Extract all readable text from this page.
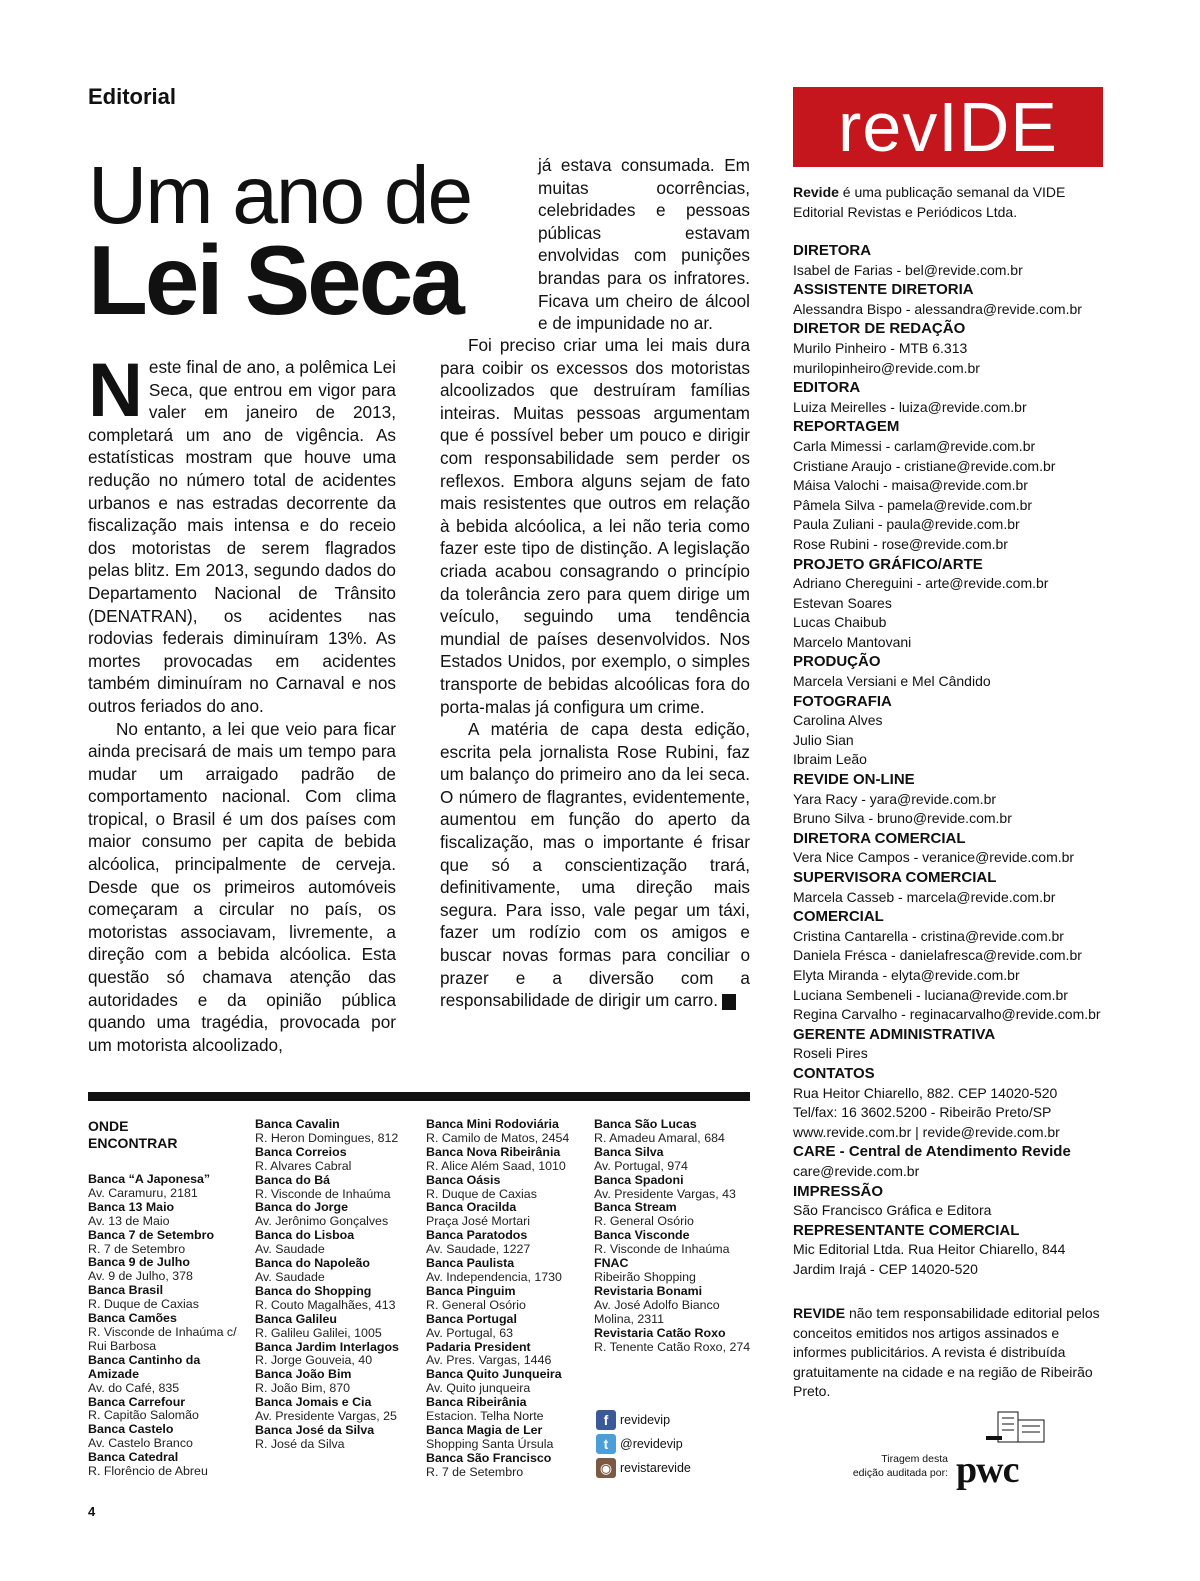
Editorial
Um ano de
Lei Seca

já estava consumada. Em muitas ocorrências, celebridades e pessoas públicas estavam envolvidas com punições brandas para os infratores. Ficava um cheiro de álcool e de impunidade no ar.

Neste final de ano, a polêmica Lei Seca, que entrou em vigor para valer em janeiro de 2013, completará um ano de vigência. As estatísticas mostram que houve uma redução no número total de acidentes urbanos e nas estradas decorrente da fiscalização mais intensa e do receio dos motoristas de serem flagrados pelas blitz. Em 2013, segundo dados do Departamento Nacional de Trânsito (DENATRAN), os acidentes nas rodovias federais diminuíram 13%. As mortes provocadas em acidentes também diminuíram no Carnaval e nos outros feriados do ano.

No entanto, a lei que veio para ficar ainda precisará de mais um tempo para mudar um arraigado padrão de comportamento nacional. Com clima tropical, o Brasil é um dos países com maior consumo per capita de bebida alcóolica, principalmente de cerveja. Desde que os primeiros automóveis começaram a circular no país, os motoristas associavam, livremente, a direção com a bebida alcóolica. Esta questão só chamava atenção das autoridades e da opinião pública quando uma tragédia, provocada por um motorista alcoolizado,

Foi preciso criar uma lei mais dura para coibir os excessos dos motoristas alcoolizados que destruíram famílias inteiras. Muitas pessoas argumentam que é possível beber um pouco e dirigir com responsabilidade sem perder os reflexos. Embora alguns sejam de fato mais resistentes que outros em relação à bebida alcóolica, a lei não teria como fazer este tipo de distinção. A legislação criada acabou consagrando o princípio da tolerância zero para quem dirige um veículo, seguindo uma tendência mundial de países desenvolvidos. Nos Estados Unidos, por exemplo, o simples transporte de bebidas alcoólicas fora do porta-malas já configura um crime.

A matéria de capa desta edição, escrita pela jornalista Rose Rubini, faz um balanço do primeiro ano da lei seca. O número de flagrantes, evidentemente, aumentou em função do aperto da fiscalização, mas o importante é frisar que só a conscientização trará, definitivamente, uma direção mais segura. Para isso, vale pegar um táxi, fazer um rodízio com os amigos e buscar novas formas para conciliar o prazer e a diversão com a responsabilidade de dirigir um carro.	r

ONDE
ENCONTRAR
Banca “A Japonesa”
Av. Caramuru, 2181
Banca 13 Maio
Av. 13 de Maio
Banca 7 de Setembro
R. 7 de Setembro
Banca 9 de Julho
Av. 9 de Julho, 378
Banca Brasil
R. Duque de Caxias
Banca Camões
R. Visconde de Inhaúma c/ Rui Barbosa
Banca Cantinho da Amizade
Av. do Café, 835
Banca Carrefour
R. Capitão Salomão
Banca Castelo
Av. Castelo Branco
Banca Catedral
R. Florêncio de Abreu
Banca Cavalin
R. Heron Domingues, 812
Banca Correios
R. Alvares Cabral
Banca do Bá
R. Visconde de Inhaúma
Banca do Jorge
Av. Jerônimo Gonçalves
Banca do Lisboa
Av. Saudade
Banca do Napoleão
Av. Saudade
Banca do Shopping
R. Couto Magalhães, 413
Banca Galileu
R. Galileu Galilei, 1005
Banca Jardim Interlagos
R. Jorge Gouveia, 40
Banca João Bim
R. João Bim, 870
Banca Jomais e Cia
Av. Presidente Vargas, 25
Banca José da Silva
R. José da Silva
Banca Mini Rodoviária
R. Camilo de Matos, 2454
Banca Nova Ribeirânia
R. Alice Além Saad, 1010
Banca Oásis
R. Duque de Caxias
Banca Oracilda
Praça José Mortari
Banca Paratodos
Av. Saudade, 1227
Banca Paulista
Av. Independencia, 1730
Banca Pinguim
R. General Osório
Banca Portugal
Av. Portugal, 63
Padaria President
Av. Pres. Vargas, 1446
Banca Quito Junqueira
Av. Quito junqueira
Banca Ribeirânia
Estacion. Telha Norte
Banca Magia de Ler
Shopping Santa Úrsula
Banca São Francisco
R. 7 de Setembro
Banca São Lucas
R. Amadeu Amaral, 684
Banca Silva
Av. Portugal, 974
Banca Spadoni
Av. Presidente Vargas, 43
Banca Stream
R. General Osório
Banca Visconde
R. Visconde de Inhaúma
FNAC
Ribeirão Shopping
Revistaria Bonami
Av. José Adolfo Bianco Molina, 2311
Revistaria Catão Roxo
R. Tenente Catão Roxo, 274
f revidevip
t @revidevip
◉ revistarevide
4
revIDE
Revide é uma publicação semanal da VIDE Editorial Revistas e Periódicos Ltda.
DIRETORA
Isabel de Farias - bel@revide.com.br
ASSISTENTE DIRETORIA
Alessandra Bispo - alessandra@revide.com.br
DIRETOR DE REDAÇÃO
Murilo Pinheiro - MTB 6.313
murilopinheiro@revide.com.br
EDITORA
Luiza Meirelles - luiza@revide.com.br
REPORTAGEM
Carla Mimessi - carlam@revide.com.br
Cristiane Araujo - cristiane@revide.com.br
Máisa Valochi - maisa@revide.com.br
Pâmela Silva - pamela@revide.com.br
Paula Zuliani - paula@revide.com.br
Rose Rubini - rose@revide.com.br
PROJETO GRÁFICO/ARTE
Adriano Chereguini - arte@revide.com.br
Estevan Soares
Lucas Chaibub
Marcelo Mantovani
PRODUÇÃO
Marcela Versiani e Mel Cândido
FOTOGRAFIA
Carolina Alves
Julio Sian
Ibraim Leão
REVIDE ON-LINE
Yara Racy - yara@revide.com.br
Bruno Silva - bruno@revide.com.br
DIRETORA COMERCIAL
Vera Nice Campos - veranice@revide.com.br
SUPERVISORA COMERCIAL
Marcela Casseb - marcela@revide.com.br
COMERCIAL
Cristina Cantarella - cristina@revide.com.br
Daniela Frésca - danielafresca@revide.com.br
Elyta Miranda - elyta@revide.com.br
Luciana Sembeneli - luciana@revide.com.br
Regina Carvalho - reginacarvalho@revide.com.br
GERENTE ADMINISTRATIVA
Roseli Pires
CONTATOS
Rua Heitor Chiarello, 882. CEP 14020-520
Tel/fax: 16 3602.5200 - Ribeirão Preto/SP
www.revide.com.br | revide@revide.com.br
CARE - Central de Atendimento Revide
care@revide.com.br
IMPRESSÃO
São Francisco Gráfica e Editora
REPRESENTANTE COMERCIAL
Mic Editorial Ltda. Rua Heitor Chiarello, 844
Jardim Irajá - CEP 14020-520
REVIDE não tem responsabilidade editorial pelos conceitos emitidos nos artigos assinados e informes publicitários. A revista é distribuída gratuitamente na cidade e na região de Ribeirão Preto.
Tiragem desta
edição auditada por: pwc
